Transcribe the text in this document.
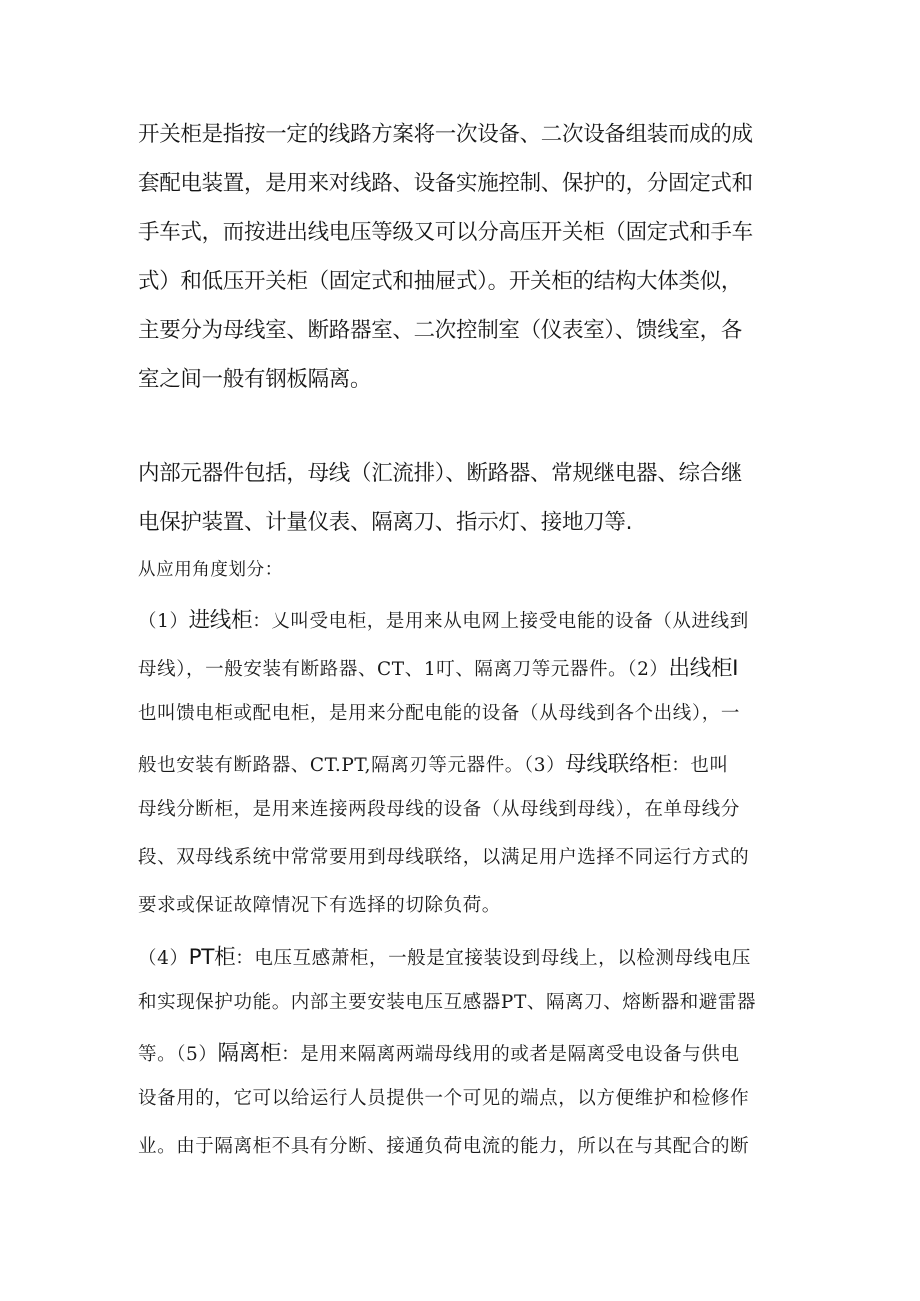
开关柜是指按一定的线路方案将一次设备、二次设备组装而成的成
套配电装置，是用来对线路、设备实施控制、保护的，分固定式和
手车式，而按进出线电压等级又可以分高压开关柜（固定式和手车
式）和低压开关柜（固定式和抽屉式）。开关柜的结构大体类似，
主要分为母线室、断路器室、二次控制室（仪表室）、馈线室，各
室之间一般有钢板隔离。
内部元器件包括，母线（汇流排）、断路器、常规继电器、综合继
电保护装置、计量仪表、隔离刀、指示灯、接地刀等.
从应用角度划分：
（1）进线柜：乂叫受电柜，是用来从电网上接受电能的设备（从进线到
母线），一般安装有断路器、CT、1叮、隔离刀等元器件。（2）出线柜I
也叫馈电柜或配电柜，是用来分配电能的设备（从母线到各个出线），一
般也安装有断路器、CT.PT,隔离刃等元器件。（3）母线联络柜：也叫
母线分断柜，是用来连接两段母线的设备（从母线到母线），在单母线分
段、双母线系统中常常要用到母线联络，以满足用户选择不同运行方式的
要求或保证故障情况下有选择的切除负荷。
（4）PT柜：电压互感萧柜，一般是宜接装设到母线上，以检测母线电压
和实现保护功能。内部主要安装电压互感器PT、隔离刀、熔断器和避雷器
等。（5）隔离柜：是用来隔离两端母线用的或者是隔离受电设备与供电
设备用的，它可以给运行人员提供一个可见的端点，以方便维护和检修作
业。由于隔离柜不具有分断、接通负荷电流的能力，所以在与其配合的断
